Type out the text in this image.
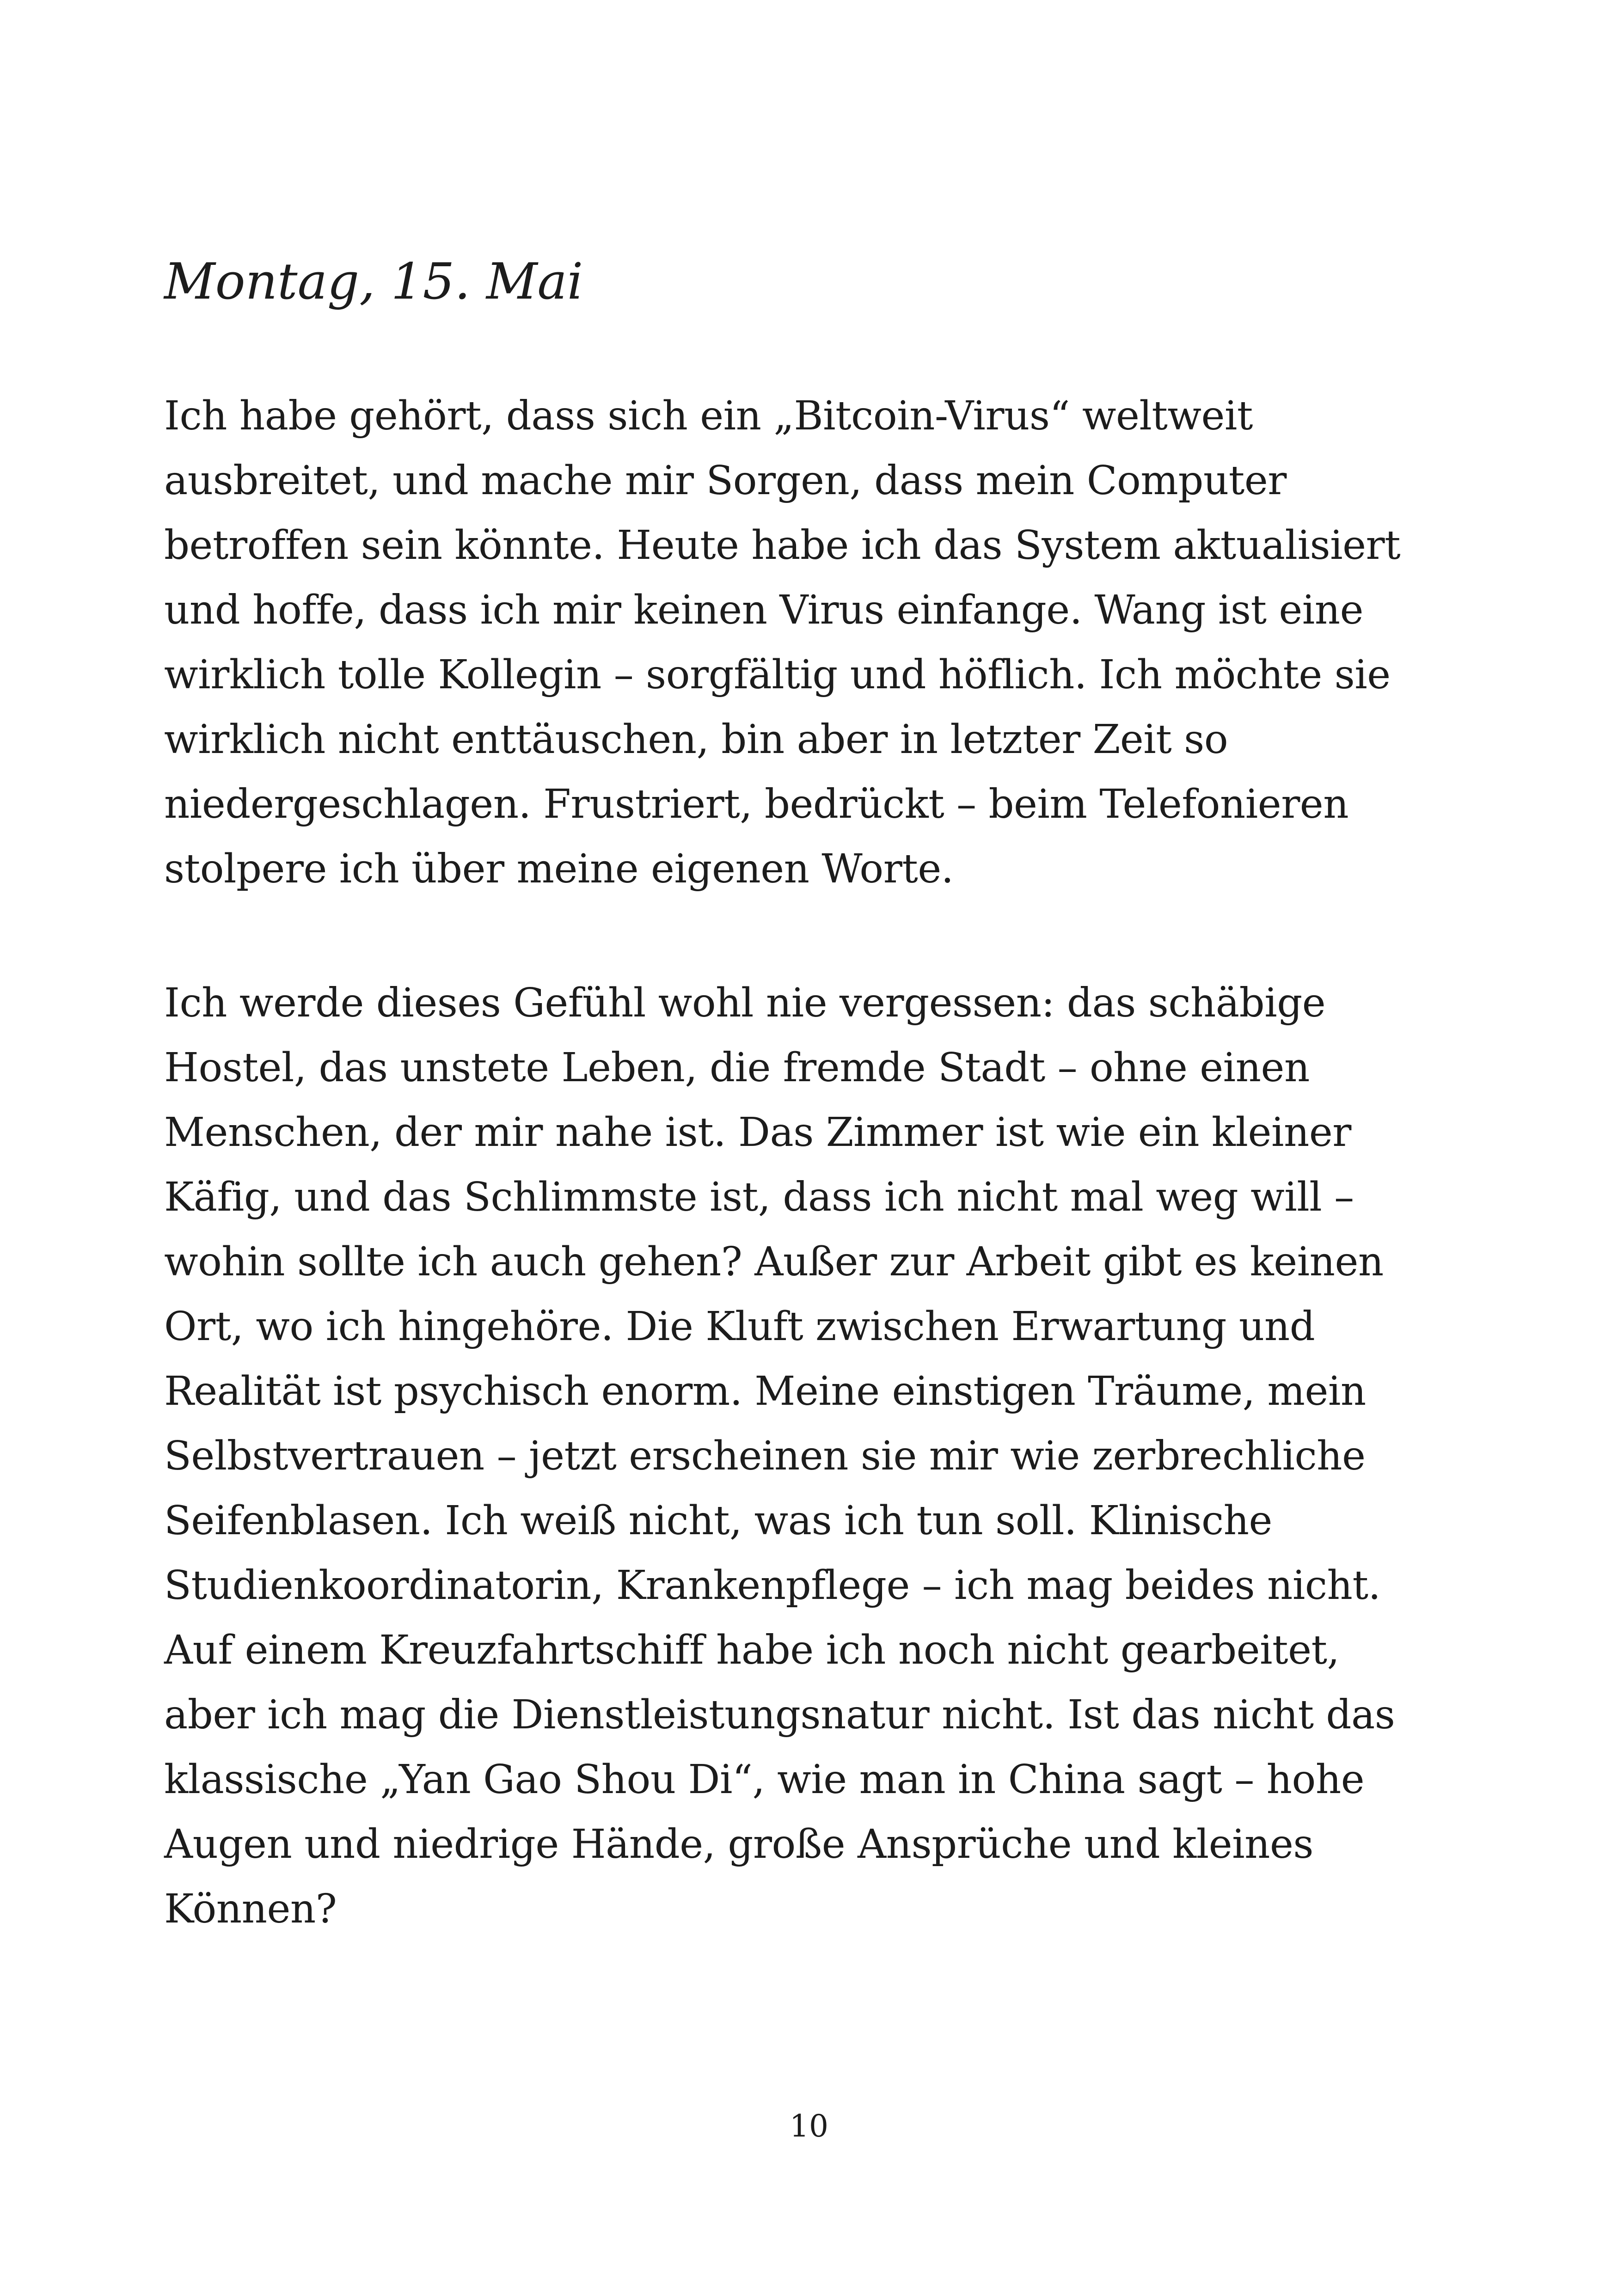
Montag, 15. Mai

Ich habe gehört, dass sich ein „Bitcoin-Virus“ weltweit
ausbreitet, und mache mir Sorgen, dass mein Computer
betroffen sein könnte. Heute habe ich das System aktualisiert
und hoffe, dass ich mir keinen Virus einfange. Wang ist eine
wirklich tolle Kollegin – sorgfältig und höflich. Ich möchte sie
wirklich nicht enttäuschen, bin aber in letzter Zeit so
niedergeschlagen. Frustriert, bedrückt – beim Telefonieren
stolpere ich über meine eigenen Worte.

Ich werde dieses Gefühl wohl nie vergessen: das schäbige
Hostel, das unstete Leben, die fremde Stadt – ohne einen
Menschen, der mir nahe ist. Das Zimmer ist wie ein kleiner
Käfig, und das Schlimmste ist, dass ich nicht mal weg will –
wohin sollte ich auch gehen? Außer zur Arbeit gibt es keinen
Ort, wo ich hingehöre. Die Kluft zwischen Erwartung und
Realität ist psychisch enorm. Meine einstigen Träume, mein
Selbstvertrauen – jetzt erscheinen sie mir wie zerbrechliche
Seifenblasen. Ich weiß nicht, was ich tun soll. Klinische
Studienkoordinatorin, Krankenpflege – ich mag beides nicht.
Auf einem Kreuzfahrtschiff habe ich noch nicht gearbeitet,
aber ich mag die Dienstleistungsnatur nicht. Ist das nicht das
klassische „Yan Gao Shou Di“, wie man in China sagt – hohe
Augen und niedrige Hände, große Ansprüche und kleines
Können?

10
